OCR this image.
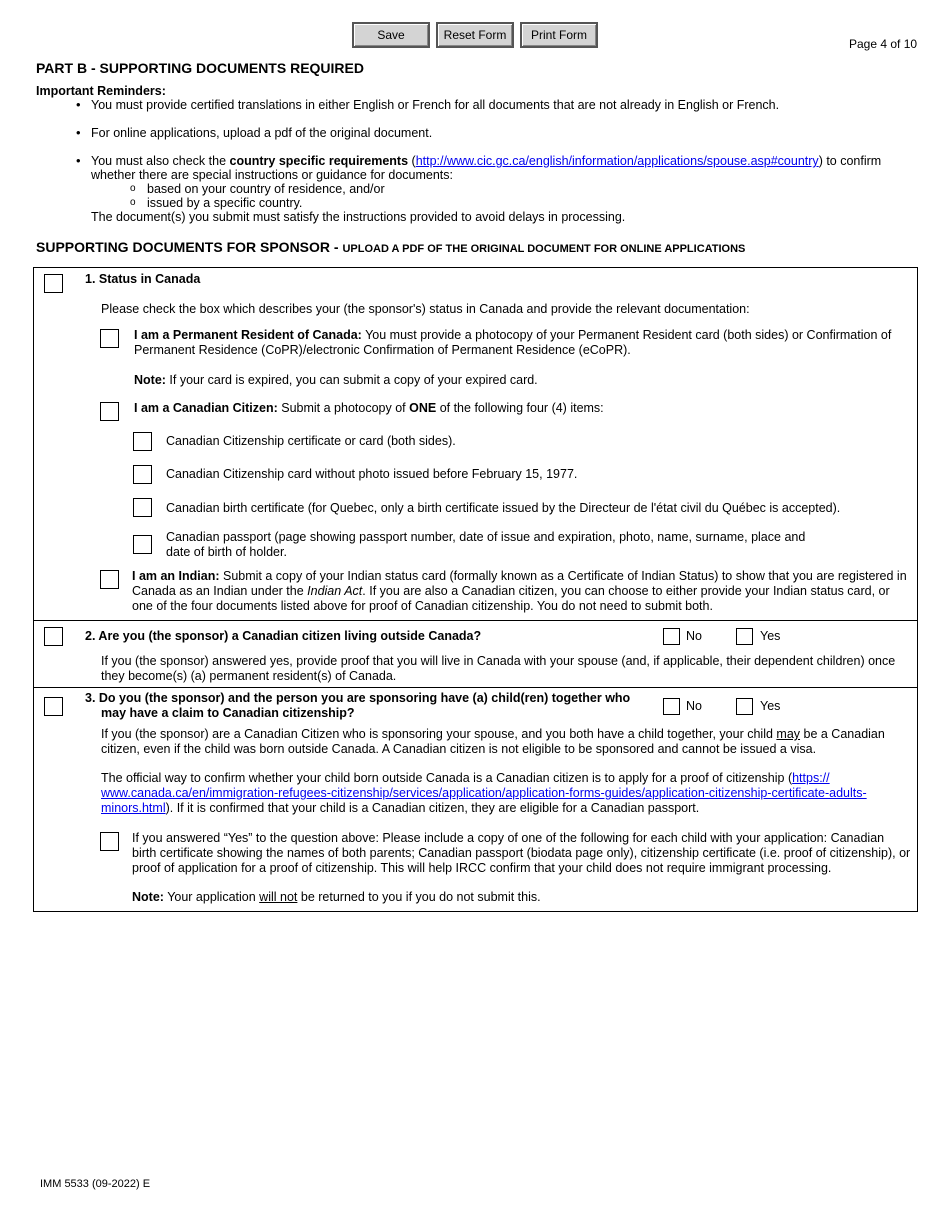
Save	Reset Form	Print Form
Page 4 of 10
PART B - SUPPORTING DOCUMENTS REQUIRED
Important Reminders:
• You must provide certified translations in either English or French for all documents that are not already in English or French.
• For online applications, upload a pdf of the original document.
• You must also check the country specific requirements (http://www.cic.gc.ca/english/information/applications/spouse.asp#country) to confirm
whether there are special instructions or guidance for documents:
o based on your country of residence, and/or
o issued by a specific country.
The document(s) you submit must satisfy the instructions provided to avoid delays in processing.
SUPPORTING DOCUMENTS FOR SPONSOR - UPLOAD A PDF OF THE ORIGINAL DOCUMENT FOR ONLINE APPLICATIONS
1. Status in Canada
Please check the box which describes your (the sponsor's) status in Canada and provide the relevant documentation:
I am a Permanent Resident of Canada: You must provide a photocopy of your Permanent Resident card (both sides) or Confirmation of
Permanent Residence (CoPR)/electronic Confirmation of Permanent Residence (eCoPR).
Note: If your card is expired, you can submit a copy of your expired card.
I am a Canadian Citizen: Submit a photocopy of ONE of the following four (4) items:
Canadian Citizenship certificate or card (both sides).
Canadian Citizenship card without photo issued before February 15, 1977.
Canadian birth certificate (for Quebec, only a birth certificate issued by the Directeur de l'état civil du Québec is accepted).
Canadian passport (page showing passport number, date of issue and expiration, photo, name, surname, place and
date of birth of holder.
I am an Indian: Submit a copy of your Indian status card (formally known as a Certificate of Indian Status) to show that you are registered in
Canada as an Indian under the Indian Act. If you are also a Canadian citizen, you can choose to either provide your Indian status card, or
one of the four documents listed above for proof of Canadian citizenship. You do not need to submit both.
2. Are you (the sponsor) a Canadian citizen living outside Canada?	No	Yes
If you (the sponsor) answered yes, provide proof that you will live in Canada with your spouse (and, if applicable, their dependent children) once
they become(s) (a) permanent resident(s) of Canada.
3. Do you (the sponsor) and the person you are sponsoring have (a) child(ren) together who
may have a claim to Canadian citizenship?	No	Yes
If you (the sponsor) are a Canadian Citizen who is sponsoring your spouse, and you both have a child together, your child may be a Canadian
citizen, even if the child was born outside Canada. A Canadian citizen is not eligible to be sponsored and cannot be issued a visa.
The official way to confirm whether your child born outside Canada is a Canadian citizen is to apply for a proof of citizenship (https://
www.canada.ca/en/immigration-refugees-citizenship/services/application/application-forms-guides/application-citizenship-certificate-adults-
minors.html). If it is confirmed that your child is a Canadian citizen, they are eligible for a Canadian passport.
If you answered “Yes” to the question above: Please include a copy of one of the following for each child with your application: Canadian
birth certificate showing the names of both parents; Canadian passport (biodata page only), citizenship certificate (i.e. proof of citizenship), or
proof of application for a proof of citizenship. This will help IRCC confirm that your child does not require immigrant processing.
Note: Your application will not be returned to you if you do not submit this.
IMM 5533 (09-2022) E
